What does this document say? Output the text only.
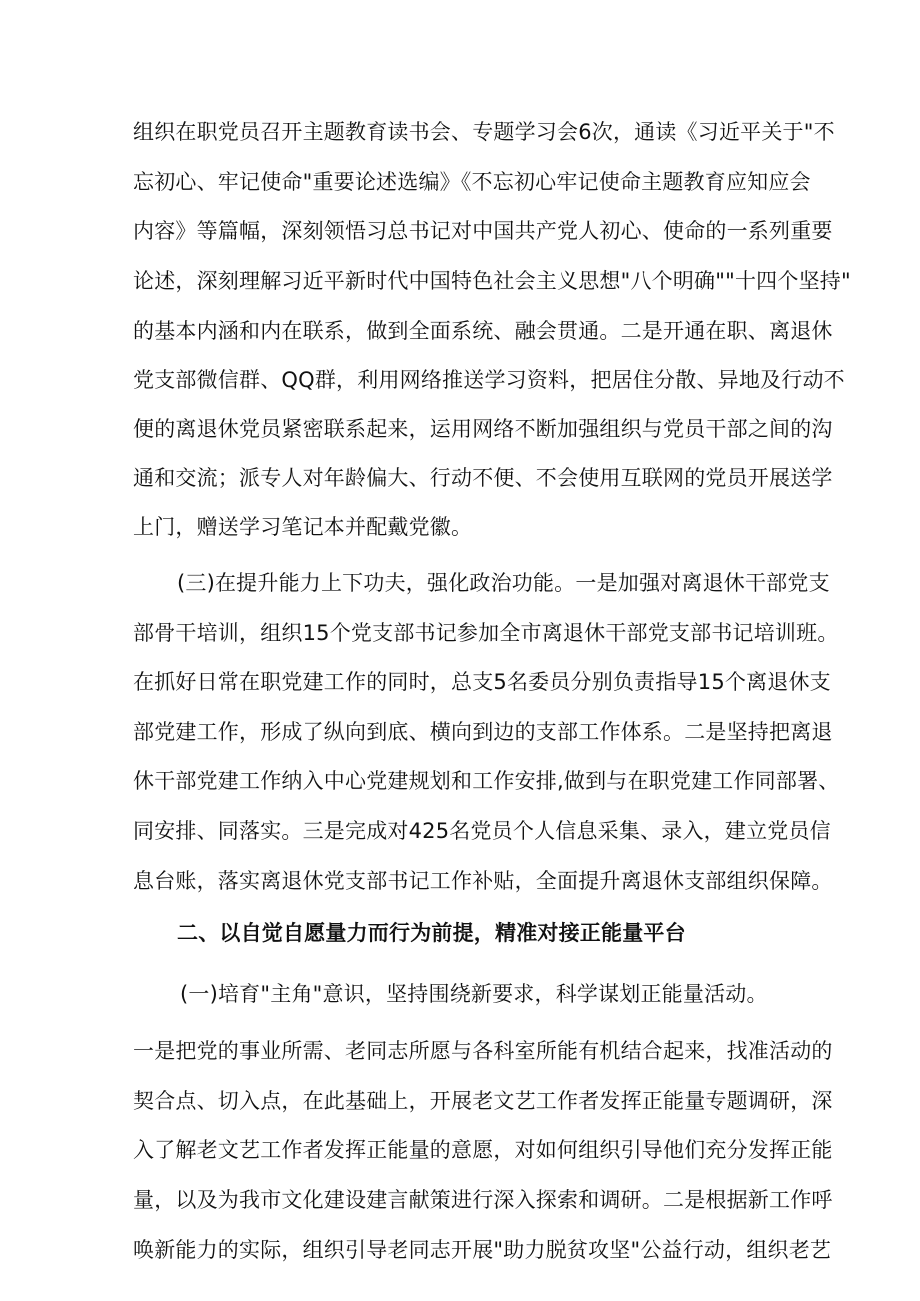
组织在职党员召开主题教育读书会、专题学习会6次，通读《习近平关于"不
忘初心、牢记使命"重要论述选编》《不忘初心牢记使命主题教育应知应会
内容》等篇幅，深刻领悟习总书记对中国共产党人初心、使命的一系列重要
论述，深刻理解习近平新时代中国特色社会主义思想"八个明确""十四个坚持"
的基本内涵和内在联系，做到全面系统、融会贯通。二是开通在职、离退休
党支部微信群、QQ群，利用网络推送学习资料，把居住分散、异地及行动不
便的离退休党员紧密联系起来，运用网络不断加强组织与党员干部之间的沟
通和交流；派专人对年龄偏大、行动不便、不会使用互联网的党员开展送学
上门，赠送学习笔记本并配戴党徽。
(三)在提升能力上下功夫，强化政治功能。一是加强对离退休干部党支
部骨干培训，组织15个党支部书记参加全市离退休干部党支部书记培训班。
在抓好日常在职党建工作的同时，总支5名委员分别负责指导15个离退休支
部党建工作，形成了纵向到底、横向到边的支部工作体系。二是坚持把离退
休干部党建工作纳入中心党建规划和工作安排,做到与在职党建工作同部署、
同安排、同落实。三是完成对425名党员个人信息采集、录入，建立党员信
息台账，落实离退休党支部书记工作补贴，全面提升离退休支部组织保障。
二、以自觉自愿量力而行为前提，精准对接正能量平台
(一)培育"主角"意识，坚持围绕新要求，科学谋划正能量活动。
一是把党的事业所需、老同志所愿与各科室所能有机结合起来，找准活动的
契合点、切入点，在此基础上，开展老文艺工作者发挥正能量专题调研，深
入了解老文艺工作者发挥正能量的意愿，对如何组织引导他们充分发挥正能
量，以及为我市文化建设建言献策进行深入探索和调研。二是根据新工作呼
唤新能力的实际，组织引导老同志开展"助力脱贫攻坚"公益行动，组织老艺
